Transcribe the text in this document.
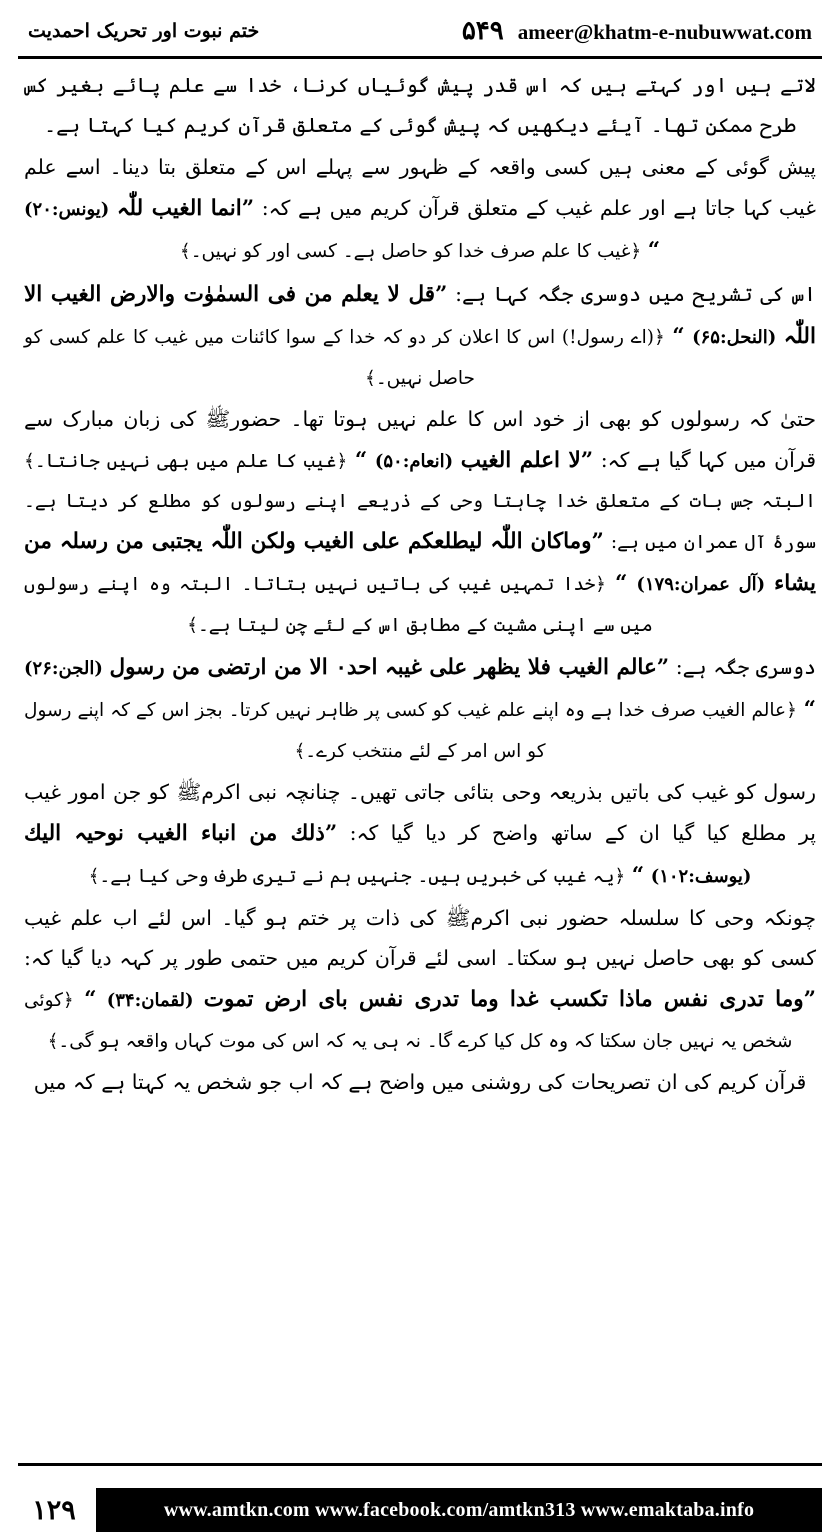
ameer@khatm-e-nubuwwat.com
۵۴۹
ختم نبوت اور تحریک احمدیت

لاتے ہیں اور کہتے ہیں کہ اس قدر پیش گوئیاں کرنا، خدا سے علم پائے بغیر کس طرح ممکن تھا۔ آیئے دیکھیں کہ پیش گوئی کے متعلق قرآن کریم کیا کہتا ہے۔

پیش گوئی کے معنی ہیں کسی واقعہ کے ظہور سے پہلے اس کے متعلق بتا دینا۔ اسے علم غیب کہا جاتا ہے اور علم غیب کے متعلق قرآن کریم میں ہے کہ: ”انما الغیب للّٰہ (یونس:۲۰) “ ﴿غیب کا علم صرف خدا کو حاصل ہے۔ کسی اور کو نہیں۔﴾

اس کی تشریح میں دوسری جگہ کہا ہے: ”قل لا یعلم من فی السمٰوٰت والارض الغیب الا اللّٰہ (النحل:۶۵) “ ﴿(اے رسول!) اس کا اعلان کر دو کہ خدا کے سوا کائنات میں غیب کا علم کسی کو حاصل نہیں۔﴾

حتیٰ کہ رسولوں کو بھی از خود اس کا علم نہیں ہوتا تھا۔ حضورﷺ کی زبان مبارک سے قرآن میں کہا گیا ہے کہ: ”لا اعلم الغیب (انعام:۵۰) “ ﴿غیب کا علم میں بھی نہیں جانتا۔﴾ البتہ جس بات کے متعلق خدا چاہتا وحی کے ذریعے اپنے رسولوں کو مطلع کر دیتا ہے۔ سورۂ آل عمران میں ہے: ”وماکان اللّٰہ لیطلعکم علی الغیب ولکن اللّٰہ یجتبی من رسلہ من یشاء (آل عمران:۱۷۹) “ ﴿خدا تمہیں غیب کی باتیں نہیں بتاتا۔ البتہ وہ اپنے رسولوں میں سے اپنی مشیت کے مطابق اس کے لئے چن لیتا ہے۔﴾

دوسری جگہ ہے: ”عالم الغیب فلا یظھر علی غیبہ احد۰ الا من ارتضی من رسول (الجن:۲۶) “ ﴿عالم الغیب صرف خدا ہے وہ اپنے علم غیب کو کسی پر ظاہر نہیں کرتا۔ بجز اس کے کہ اپنے رسول کو اس امر کے لئے منتخب کرے۔﴾

رسول کو غیب کی باتیں بذریعہ وحی بتائی جاتی تھیں۔ چنانچہ نبی اکرمﷺ کو جن امور غیب پر مطلع کیا گیا ان کے ساتھ واضح کر دیا گیا کہ: ”ذلك من انباء الغیب نوحیہ الیك (یوسف:۱۰۲) “ ﴿یہ غیب کی خبریں ہیں۔ جنہیں ہم نے تیری طرف وحی کیا ہے۔﴾

چونکہ وحی کا سلسلہ حضور نبی اکرمﷺ کی ذات پر ختم ہو گیا۔ اس لئے اب علم غیب کسی کو بھی حاصل نہیں ہو سکتا۔ اسی لئے قرآن کریم میں حتمی طور پر کہہ دیا گیا کہ: ”وما تدری نفس ماذا تکسب غدا وما تدری نفس بای ارض تموت (لقمان:۳۴) “ ﴿کوئی شخص یہ نہیں جان سکتا کہ وہ کل کیا کرے گا۔ نہ ہی یہ کہ اس کی موت کہاں واقعہ ہو گی۔﴾

قرآن کریم کی ان تصریحات کی روشنی میں واضح ہے کہ اب جو شخص یہ کہتا ہے کہ میں

۱۲۹	www.amtkn.com www.facebook.com/amtkn313 www.emaktaba.info
